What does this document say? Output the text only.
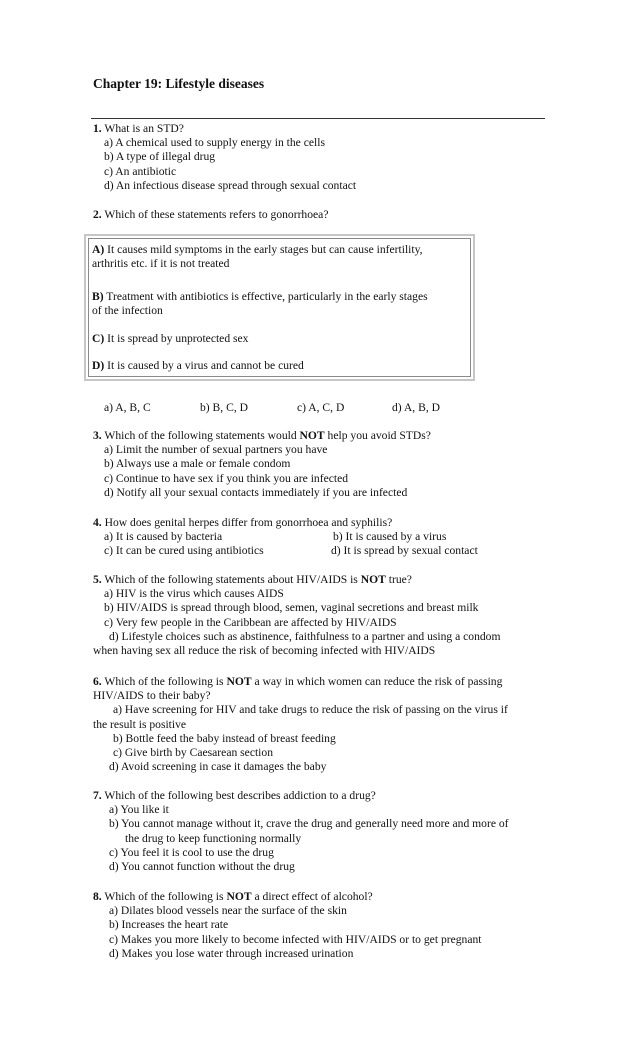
Chapter 19: Lifestyle diseases
1. What is an STD?
a) A chemical used to supply energy in the cells
b) A type of illegal drug
c) An antibiotic
d) An infectious disease spread through sexual contact
2. Which of these statements refers to gonorrhoea?
A) It causes mild symptoms in the early stages but can cause infertility,
arthritis etc. if it is not treated
B) Treatment with antibiotics is effective, particularly in the early stages
of the infection
C) It is spread by unprotected sex
D) It is caused by a virus and cannot be cured
a) A, B, C	b) B, C, D	c) A, C, D	d) A, B, D
3. Which of the following statements would NOT help you avoid STDs?
a) Limit the number of sexual partners you have
b) Always use a male or female condom
c) Continue to have sex if you think you are infected
d) Notify all your sexual contacts immediately if you are infected
4. How does genital herpes differ from gonorrhoea and syphilis?
a) It is caused by bacteria	b) It is caused by a virus
c) It can be cured using antibiotics	d) It is spread by sexual contact
5. Which of the following statements about HIV/AIDS is NOT true?
a) HIV is the virus which causes AIDS
b) HIV/AIDS is spread through blood, semen, vaginal secretions and breast milk
c) Very few people in the Caribbean are affected by HIV/AIDS
d) Lifestyle choices such as abstinence, faithfulness to a partner and using a condom
when having sex all reduce the risk of becoming infected with HIV/AIDS
6. Which of the following is NOT a way in which women can reduce the risk of passing
HIV/AIDS to their baby?
a) Have screening for HIV and take drugs to reduce the risk of passing on the virus if
the result is positive
b) Bottle feed the baby instead of breast feeding
c) Give birth by Caesarean section
d) Avoid screening in case it damages the baby
7. Which of the following best describes addiction to a drug?
a) You like it
b) You cannot manage without it, crave the drug and generally need more and more of
the drug to keep functioning normally
c) You feel it is cool to use the drug
d) You cannot function without the drug
8. Which of the following is NOT a direct effect of alcohol?
a) Dilates blood vessels near the surface of the skin
b) Increases the heart rate
c) Makes you more likely to become infected with HIV/AIDS or to get pregnant
d) Makes you lose water through increased urination
